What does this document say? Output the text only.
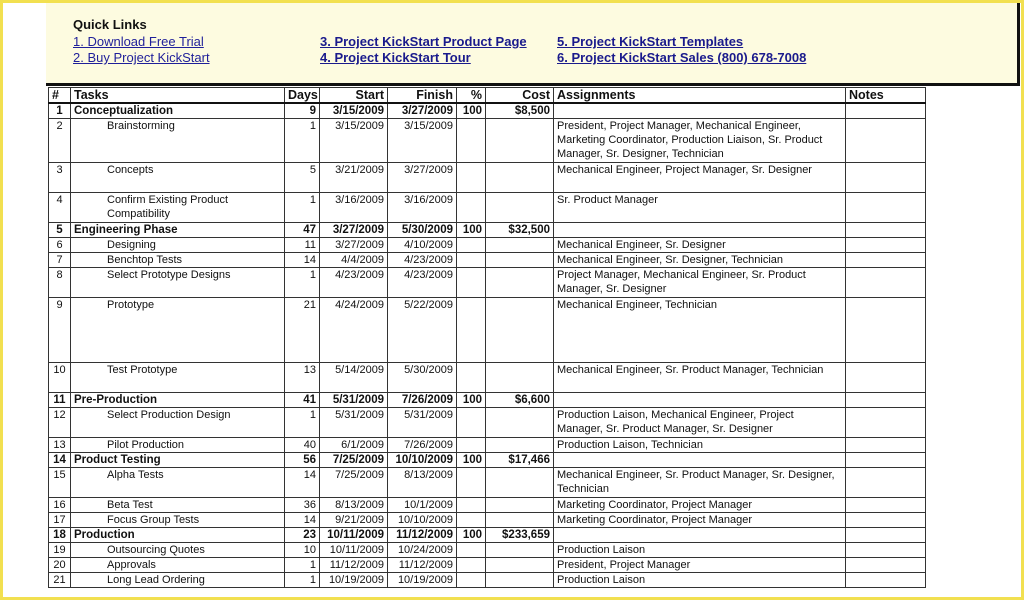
Quick Links
1. Download Free Trial
2. Buy Project KickStart
3. Project KickStart Product Page
4. Project KickStart Tour
5. Project KickStart Templates
6. Project KickStart Sales (800) 678-7008
#	Tasks	Days	Start	Finish	%	Cost	Assignments	Notes
1	Conceptualization	9	3/15/2009	3/27/2009	100	$8,500		
2	Brainstorming	1	3/15/2009	3/15/2009			President, Project Manager, Mechanical Engineer, Marketing Coordinator, Production Liaison, Sr. Product Manager, Sr. Designer, Technician	
3	Concepts	5	3/21/2009	3/27/2009			Mechanical Engineer, Project Manager, Sr. Designer	
4	Confirm Existing Product Compatibility	1	3/16/2009	3/16/2009			Sr. Product Manager	
5	Engineering Phase	47	3/27/2009	5/30/2009	100	$32,500		
6	Designing	11	3/27/2009	4/10/2009			Mechanical Engineer, Sr. Designer	
7	Benchtop Tests	14	4/4/2009	4/23/2009			Mechanical Engineer, Sr. Designer, Technician	
8	Select Prototype Designs	1	4/23/2009	4/23/2009			Project Manager, Mechanical Engineer, Sr. Product Manager, Sr. Designer	
9	Prototype	21	4/24/2009	5/22/2009			Mechanical Engineer, Technician	
10	Test Prototype	13	5/14/2009	5/30/2009			Mechanical Engineer, Sr. Product Manager, Technician	
11	Pre-Production	41	5/31/2009	7/26/2009	100	$6,600		
12	Select Production Design	1	5/31/2009	5/31/2009			Production Laison, Mechanical Engineer, Project Manager, Sr. Product Manager, Sr. Designer	
13	Pilot Production	40	6/1/2009	7/26/2009			Production Laison, Technician	
14	Product Testing	56	7/25/2009	10/10/2009	100	$17,466		
15	Alpha Tests	14	7/25/2009	8/13/2009			Mechanical Engineer, Sr. Product Manager, Sr. Designer, Technician	
16	Beta Test	36	8/13/2009	10/1/2009			Marketing Coordinator, Project Manager	
17	Focus Group Tests	14	9/21/2009	10/10/2009			Marketing Coordinator, Project Manager	
18	Production	23	10/11/2009	11/12/2009	100	$233,659		
19	Outsourcing Quotes	10	10/11/2009	10/24/2009			Production Laison	
20	Approvals	1	11/12/2009	11/12/2009			President, Project Manager	
21	Long Lead Ordering	1	10/19/2009	10/19/2009			Production Laison	
